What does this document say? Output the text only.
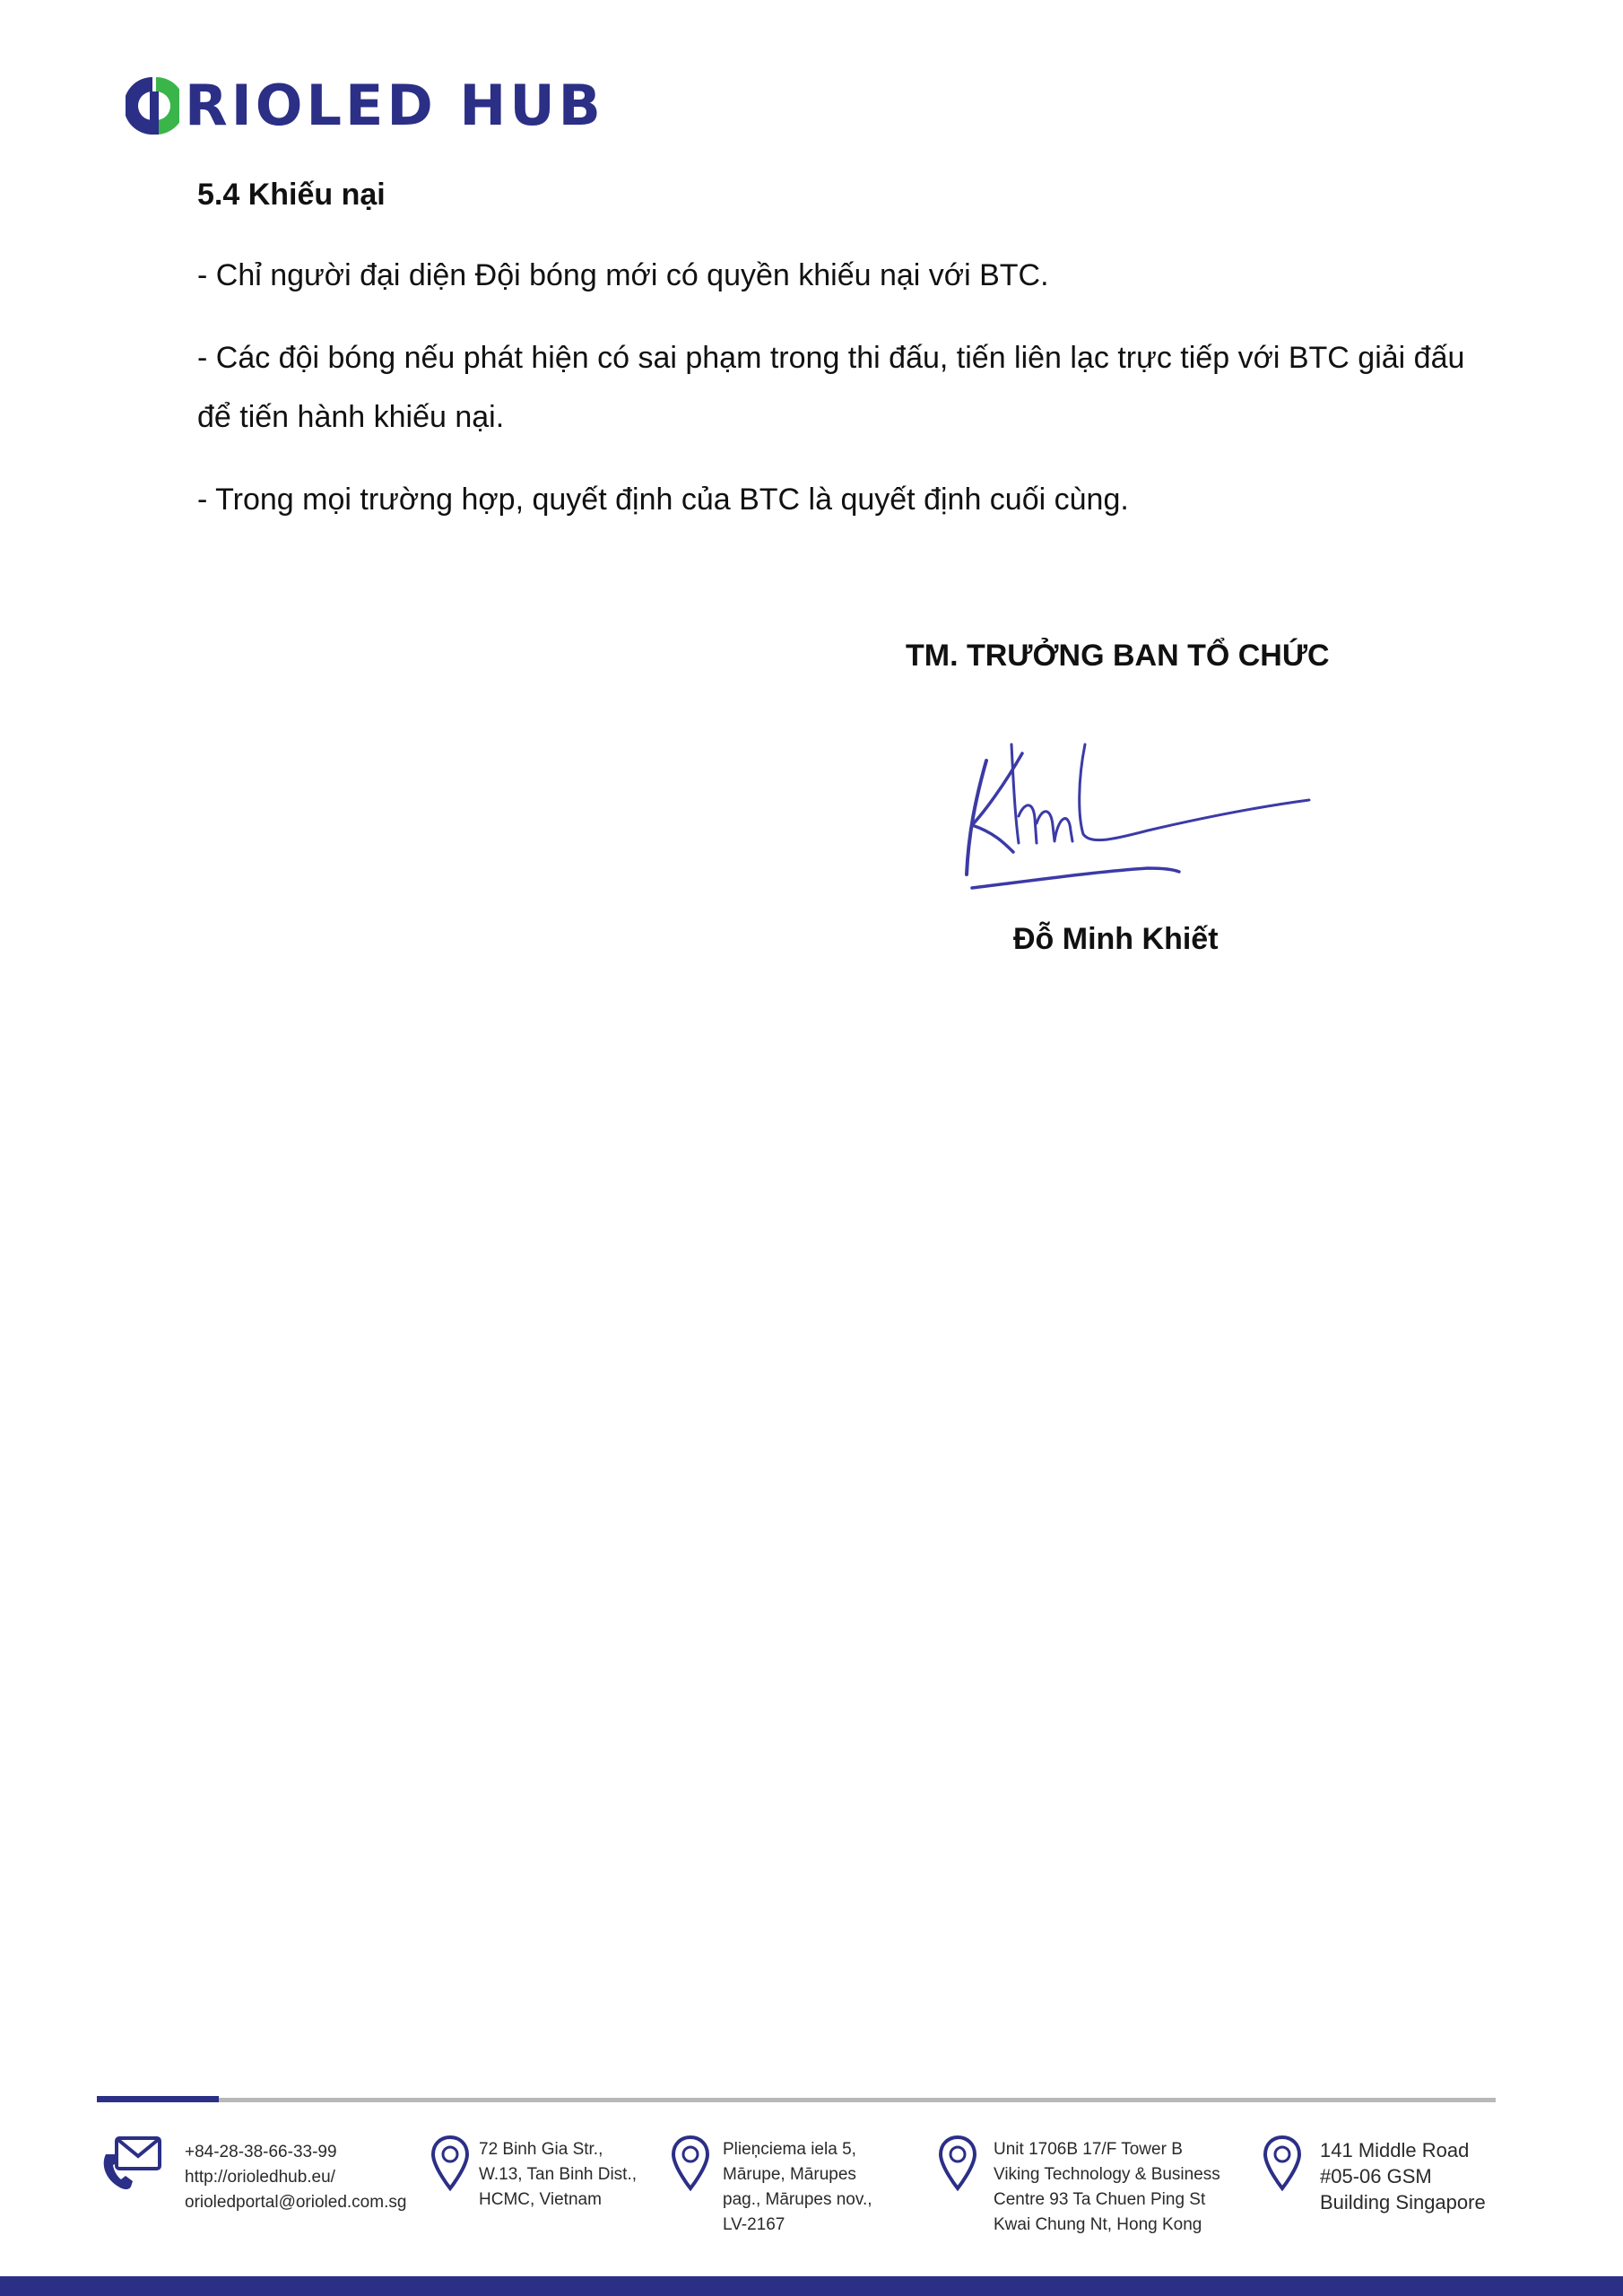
RIOLED HUB
5.4 Khiếu nại
- Chỉ người đại diện Đội bóng mới có quyền khiếu nại với BTC.
- Các đội bóng nếu phát hiện có sai phạm trong thi đấu, tiến liên lạc trực tiếp với BTC giải đấu để tiến hành khiếu nại.
- Trong mọi trường hợp, quyết định của BTC là quyết định cuối cùng.
TM. TRƯỞNG BAN TỔ CHỨC
Đỗ Minh Khiết
+84-28-38-66-33-99
http://orioledhub.eu/
orioledportal@orioled.com.sg
72 Binh Gia Str.,
W.13, Tan Binh Dist.,
HCMC, Vietnam
Plieņciema iela 5,
Mārupe, Mārupes
pag., Mārupes nov.,
LV-2167
Unit 1706B 17/F Tower B
Viking Technology & Business
Centre 93 Ta Chuen Ping St
Kwai Chung Nt, Hong Kong
141 Middle Road
#05-06 GSM
Building Singapore
